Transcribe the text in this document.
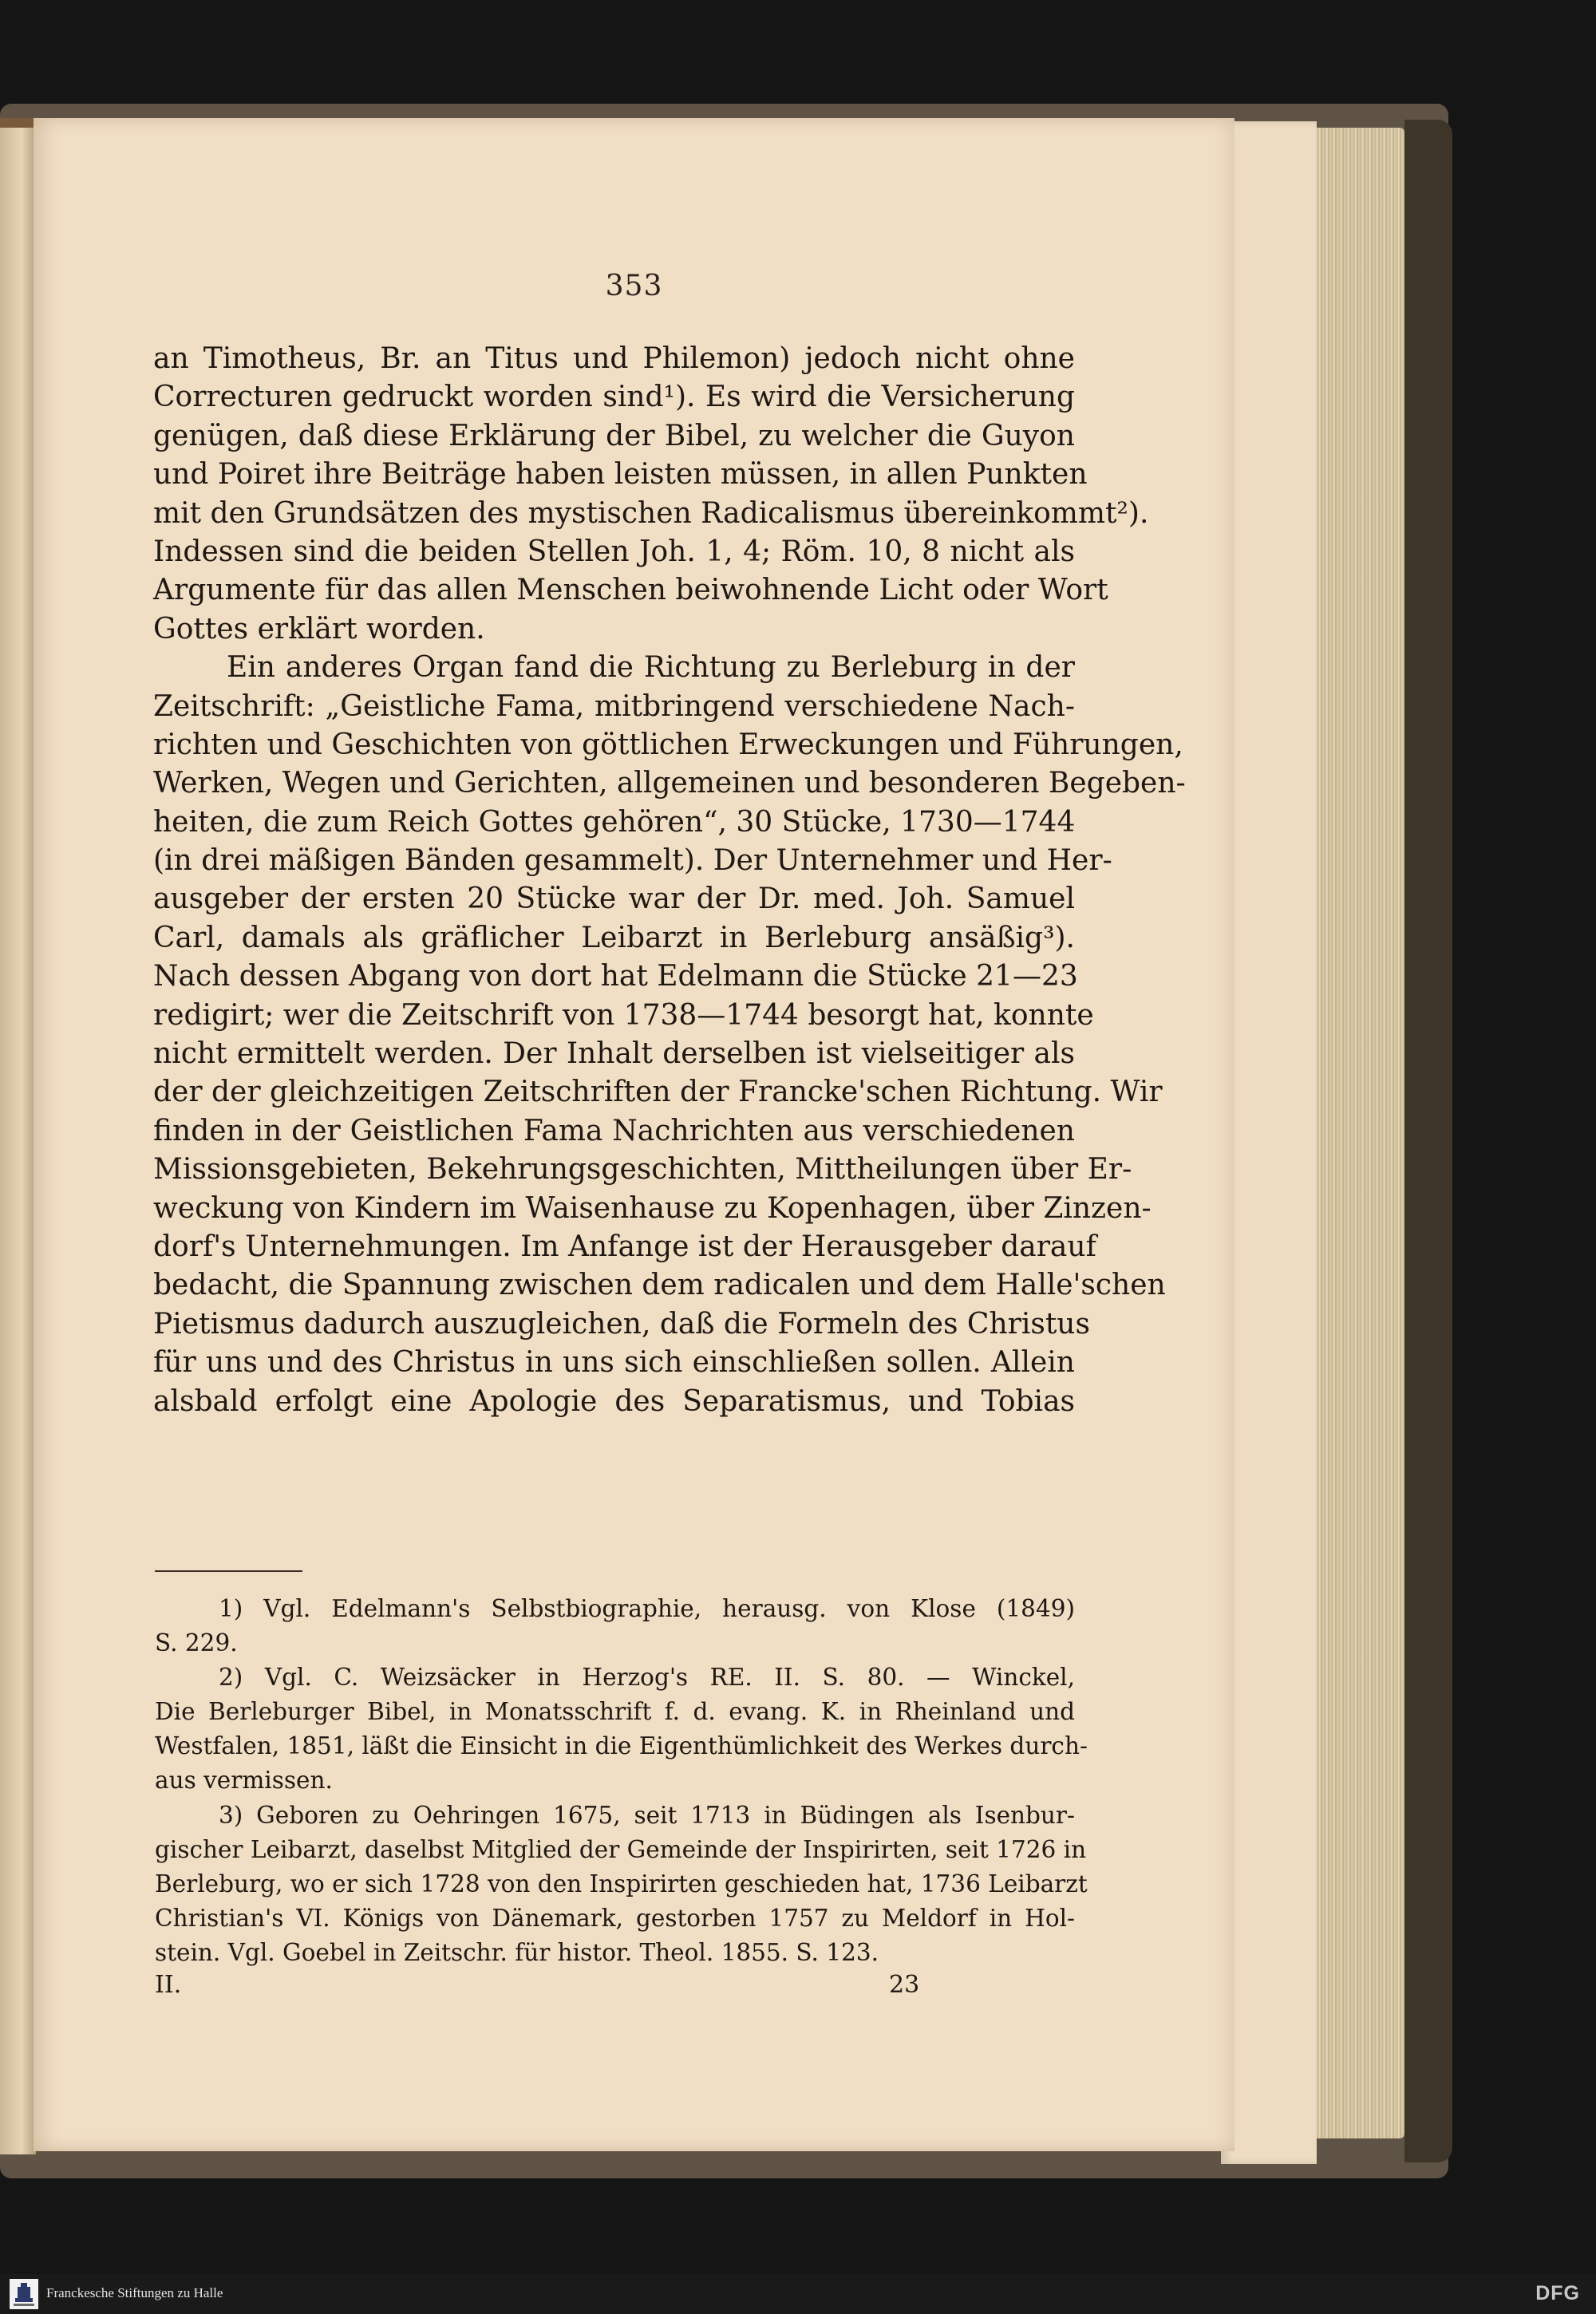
353
an Timotheus, Br. an Titus und Philemon) jedoch nicht ohne
Correcturen gedruckt worden sind¹). Es wird die Versicherung
genügen, daß diese Erklärung der Bibel, zu welcher die Guyon
und Poiret ihre Beiträge haben leisten müssen, in allen Punkten
mit den Grundsätzen des mystischen Radicalismus übereinkommt²).
Indessen sind die beiden Stellen Joh. 1, 4; Röm. 10, 8 nicht als
Argumente für das allen Menschen beiwohnende Licht oder Wort
Gottes erklärt worden.
Ein anderes Organ fand die Richtung zu Berleburg in der
Zeitschrift: „Geistliche Fama, mitbringend verschiedene Nach-
richten und Geschichten von göttlichen Erweckungen und Führungen,
Werken, Wegen und Gerichten, allgemeinen und besonderen Begeben-
heiten, die zum Reich Gottes gehören“, 30 Stücke, 1730—1744
(in drei mäßigen Bänden gesammelt). Der Unternehmer und Her-
ausgeber der ersten 20 Stücke war der Dr. med. Joh. Samuel
Carl, damals als gräflicher Leibarzt in Berleburg ansäßig³).
Nach dessen Abgang von dort hat Edelmann die Stücke 21—23
redigirt; wer die Zeitschrift von 1738—1744 besorgt hat, konnte
nicht ermittelt werden. Der Inhalt derselben ist vielseitiger als
der der gleichzeitigen Zeitschriften der Francke'schen Richtung. Wir
finden in der Geistlichen Fama Nachrichten aus verschiedenen
Missionsgebieten, Bekehrungsgeschichten, Mittheilungen über Er-
weckung von Kindern im Waisenhause zu Kopenhagen, über Zinzen-
dorf's Unternehmungen. Im Anfange ist der Herausgeber darauf
bedacht, die Spannung zwischen dem radicalen und dem Halle'schen
Pietismus dadurch auszugleichen, daß die Formeln des Christus
für uns und des Christus in uns sich einschließen sollen. Allein
alsbald erfolgt eine Apologie des Separatismus, und Tobias
1) Vgl. Edelmann's Selbstbiographie, herausg. von Klose (1849)
S. 229.
2) Vgl. C. Weizsäcker in Herzog's RE. II. S. 80. — Winckel,
Die Berleburger Bibel, in Monatsschrift f. d. evang. K. in Rheinland und
Westfalen, 1851, läßt die Einsicht in die Eigenthümlichkeit des Werkes durch-
aus vermissen.
3) Geboren zu Oehringen 1675, seit 1713 in Büdingen als Isenbur-
gischer Leibarzt, daselbst Mitglied der Gemeinde der Inspirirten, seit 1726 in
Berleburg, wo er sich 1728 von den Inspirirten geschieden hat, 1736 Leibarzt
Christian's VI. Königs von Dänemark, gestorben 1757 zu Meldorf in Hol-
stein. Vgl. Goebel in Zeitschr. für histor. Theol. 1855. S. 123.
II.	23
Franckesche Stiftungen zu Halle	DFG
